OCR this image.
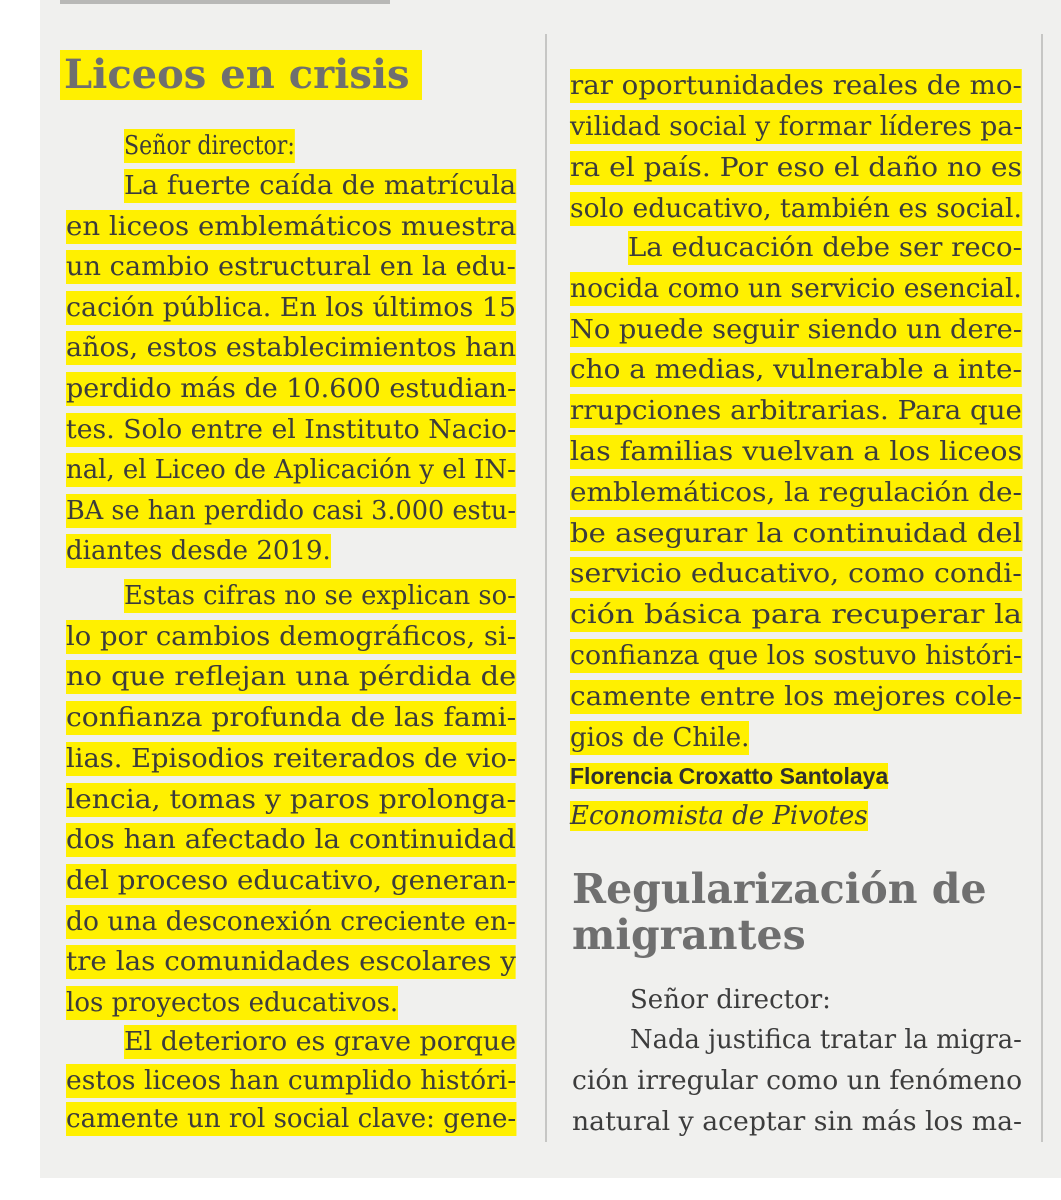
Liceos en crisis
Señor director:
La fuerte caída de matrícula
en liceos emblemáticos muestra
un cambio estructural en la edu-
cación pública. En los últimos 15
años, estos establecimientos han
perdido más de 10.600 estudian-
tes. Solo entre el Instituto Nacio-
nal, el Liceo de Aplicación y el IN-
BA se han perdido casi 3.000 estu-
diantes desde 2019.
Estas cifras no se explican so-
lo por cambios demográficos, si-
no que reflejan una pérdida de
confianza profunda de las fami-
lias. Episodios reiterados de vio-
lencia, tomas y paros prolonga-
dos han afectado la continuidad
del proceso educativo, generan-
do una desconexión creciente en-
tre las comunidades escolares y
los proyectos educativos.
El deterioro es grave porque
estos liceos han cumplido históri-
camente un rol social clave: gene-
rar oportunidades reales de mo-
vilidad social y formar líderes pa-
ra el país. Por eso el daño no es
solo educativo, también es social.
La educación debe ser reco-
nocida como un servicio esencial.
No puede seguir siendo un dere-
cho a medias, vulnerable a inte-
rrupciones arbitrarias. Para que
las familias vuelvan a los liceos
emblemáticos, la regulación de-
be asegurar la continuidad del
servicio educativo, como condi-
ción básica para recuperar la
confianza que los sostuvo históri-
camente entre los mejores cole-
gios de Chile.
Florencia Croxatto Santolaya
Economista de Pivotes
Regularización de
migrantes
Señor director:
Nada justifica tratar la migra-
ción irregular como un fenómeno
natural y aceptar sin más los ma-
